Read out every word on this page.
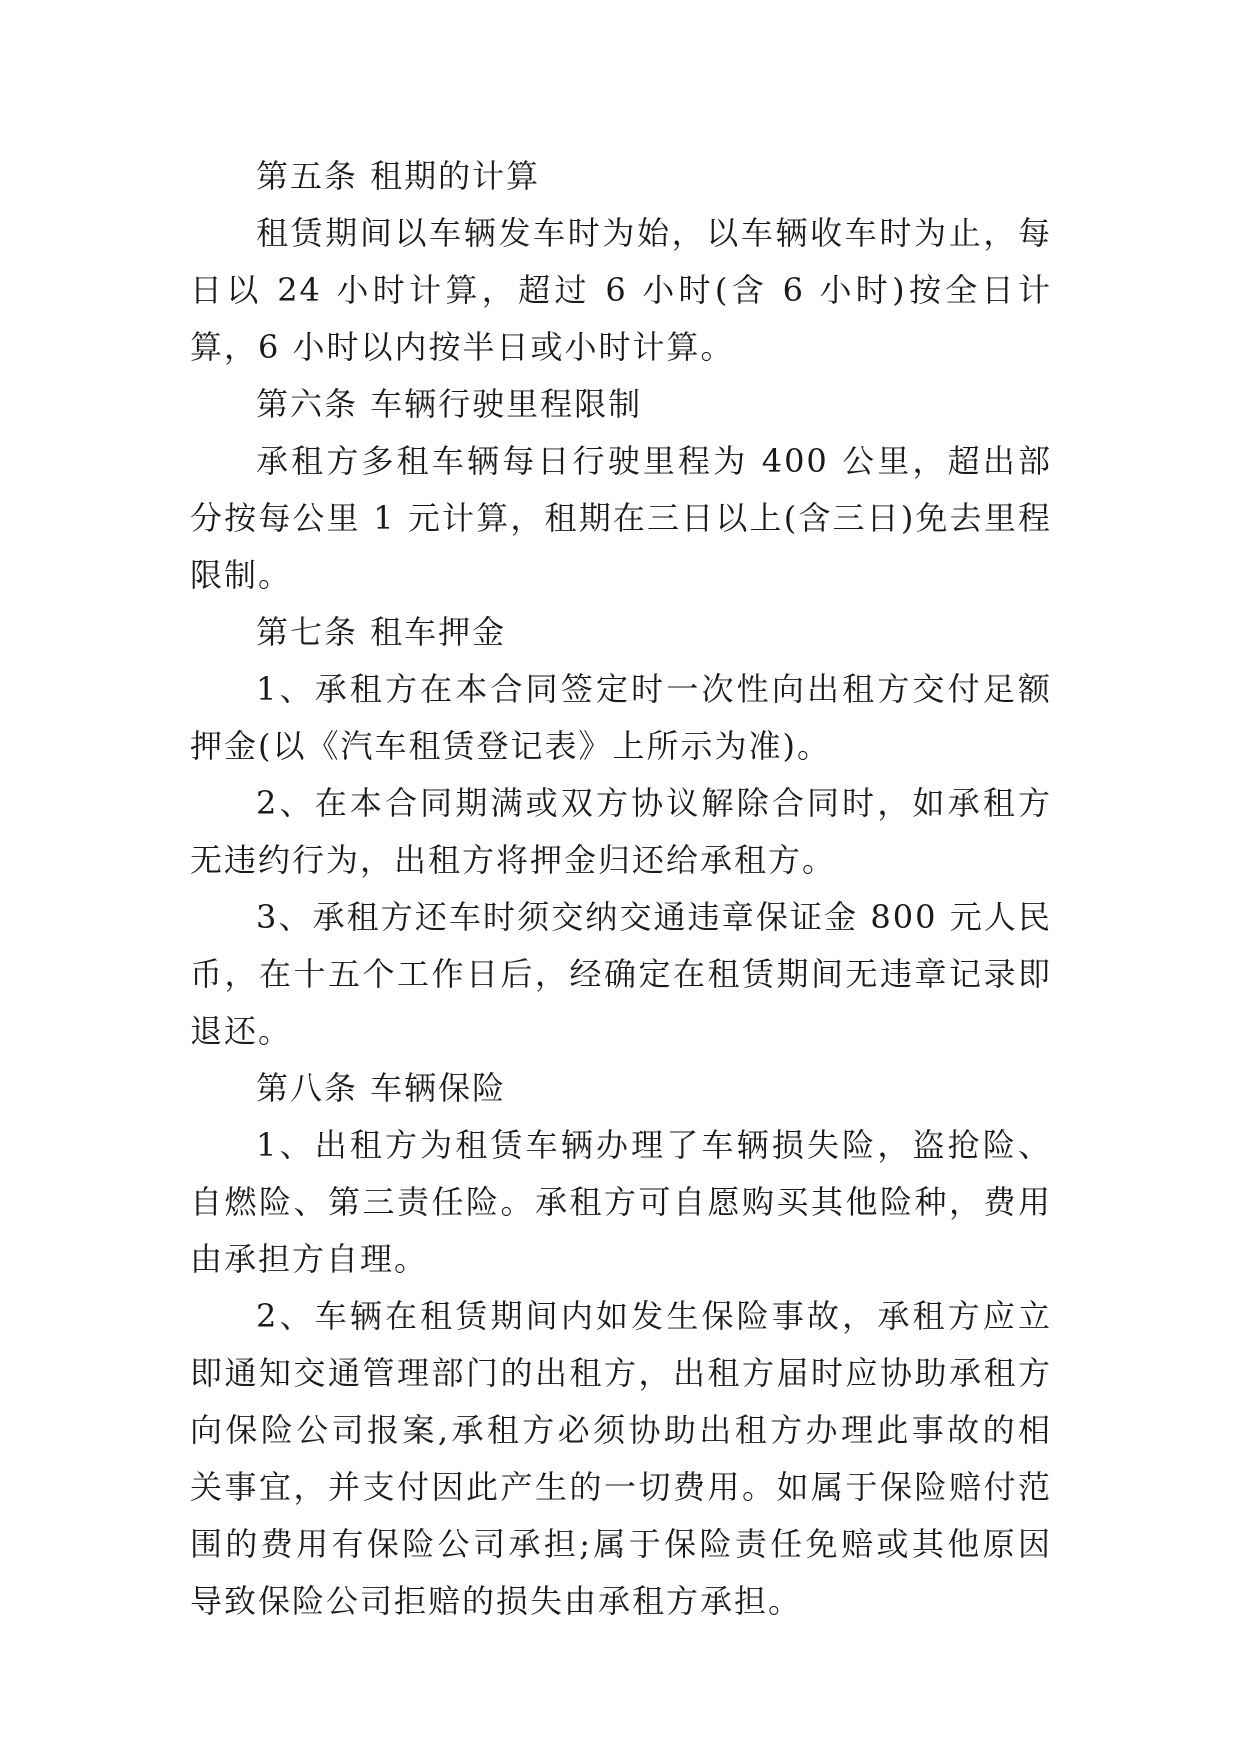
第五条 租期的计算

租赁期间以车辆发车时为始，以车辆收车时为止，每日以 24 小时计算，超过 6 小时(含 6 小时)按全日计算，6 小时以内按半日或小时计算。

第六条 车辆行驶里程限制

承租方多租车辆每日行驶里程为 400 公里，超出部分按每公里 1 元计算，租期在三日以上(含三日)免去里程限制。

第七条 租车押金

1、承租方在本合同签定时一次性向出租方交付足额押金(以《汽车租赁登记表》上所示为准)。

2、在本合同期满或双方协议解除合同时，如承租方无违约行为，出租方将押金归还给承租方。

3、承租方还车时须交纳交通违章保证金 800 元人民币，在十五个工作日后，经确定在租赁期间无违章记录即退还。

第八条 车辆保险

1、出租方为租赁车辆办理了车辆损失险，盗抢险、自燃险、第三责任险。承租方可自愿购买其他险种，费用由承担方自理。

2、车辆在租赁期间内如发生保险事故，承租方应立即通知交通管理部门的出租方，出租方届时应协助承租方向保险公司报案,承租方必须协助出租方办理此事故的相关事宜，并支付因此产生的一切费用。如属于保险赔付范围的费用有保险公司承担;属于保险责任免赔或其他原因导致保险公司拒赔的损失由承租方承担。
